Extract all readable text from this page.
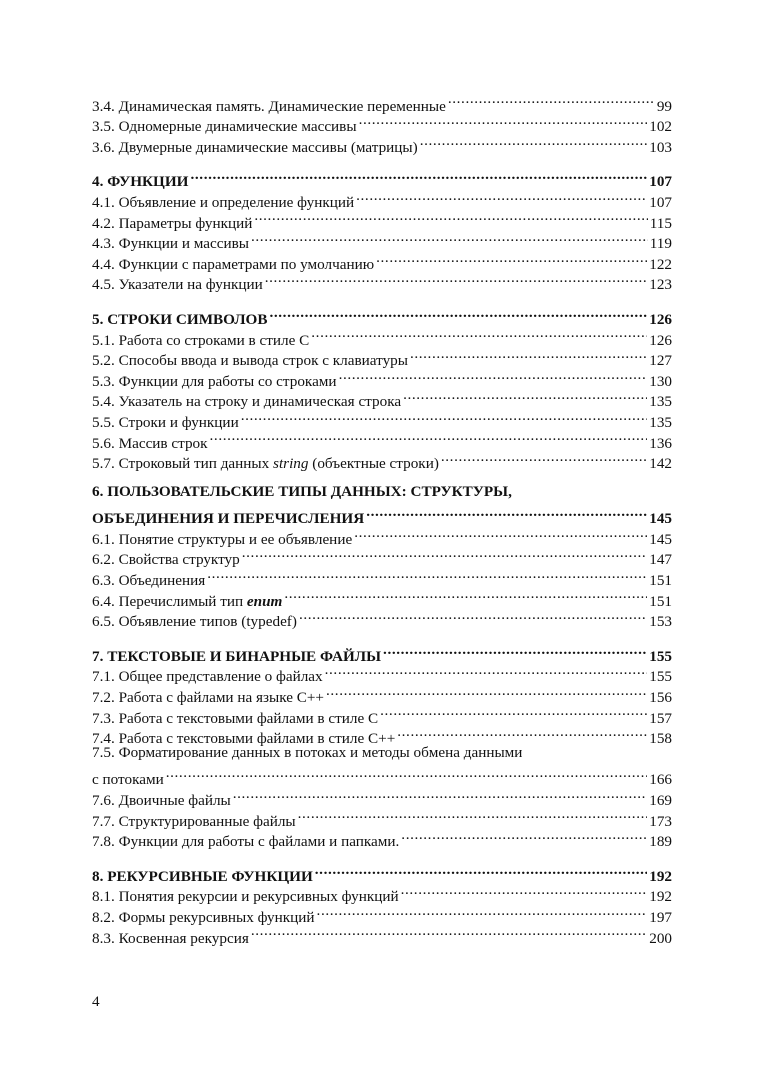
3.4. Динамическая память. Динамические переменные .....	99
3.5. Одномерные динамические массивы .....	102
3.6. Двумерные динамические массивы (матрицы) .....	103
4. ФУНКЦИИ .....	107
4.1. Объявление и определение функций .....	107
4.2. Параметры функций .....	115
4.3. Функции и массивы .....	119
4.4. Функции с параметрами по умолчанию .....	122
4.5. Указатели на функции .....	123
5. СТРОКИ СИМВОЛОВ .....	126
5.1. Работа со строками в стиле С .....	126
5.2. Способы ввода и вывода строк с клавиатуры .....	127
5.3. Функции для работы со строками .....	130
5.4. Указатель на строку и динамическая строка .....	135
5.5. Строки и функции .....	135
5.6. Массив строк .....	136
5.7. Строковый тип данных string (объектные строки) .....	142
6. ПОЛЬЗОВАТЕЛЬСКИЕ ТИПЫ ДАННЫХ: СТРУКТУРЫ,
ОБЪЕДИНЕНИЯ И ПЕРЕЧИСЛЕНИЯ .....	145
6.1. Понятие структуры и ее объявление .....	145
6.2. Свойства структур .....	147
6.3. Объединения .....	151
6.4. Перечислимый тип enum .....	151
6.5. Объявление типов (typedef) .....	153
7. ТЕКСТОВЫЕ И БИНАРНЫЕ ФАЙЛЫ .....	155
7.1. Общее представление о файлах .....	155
7.2. Работа с файлами на языке С++ .....	156
7.3. Работа с текстовыми файлами в стиле С .....	157
7.4. Работа с текстовыми файлами в стиле С++ .....	158
7.5. Форматирование данных в потоках и методы обмена данными
с потоками .....	166
7.6. Двоичные файлы .....	169
7.7. Структурированные файлы .....	173
7.8. Функции для работы с файлами и папками. .....	189
8. РЕКУРСИВНЫЕ ФУНКЦИИ .....	192
8.1. Понятия рекурсии и рекурсивных функций .....	192
8.2. Формы рекурсивных функций .....	197
8.3. Косвенная рекурсия .....	200
4
